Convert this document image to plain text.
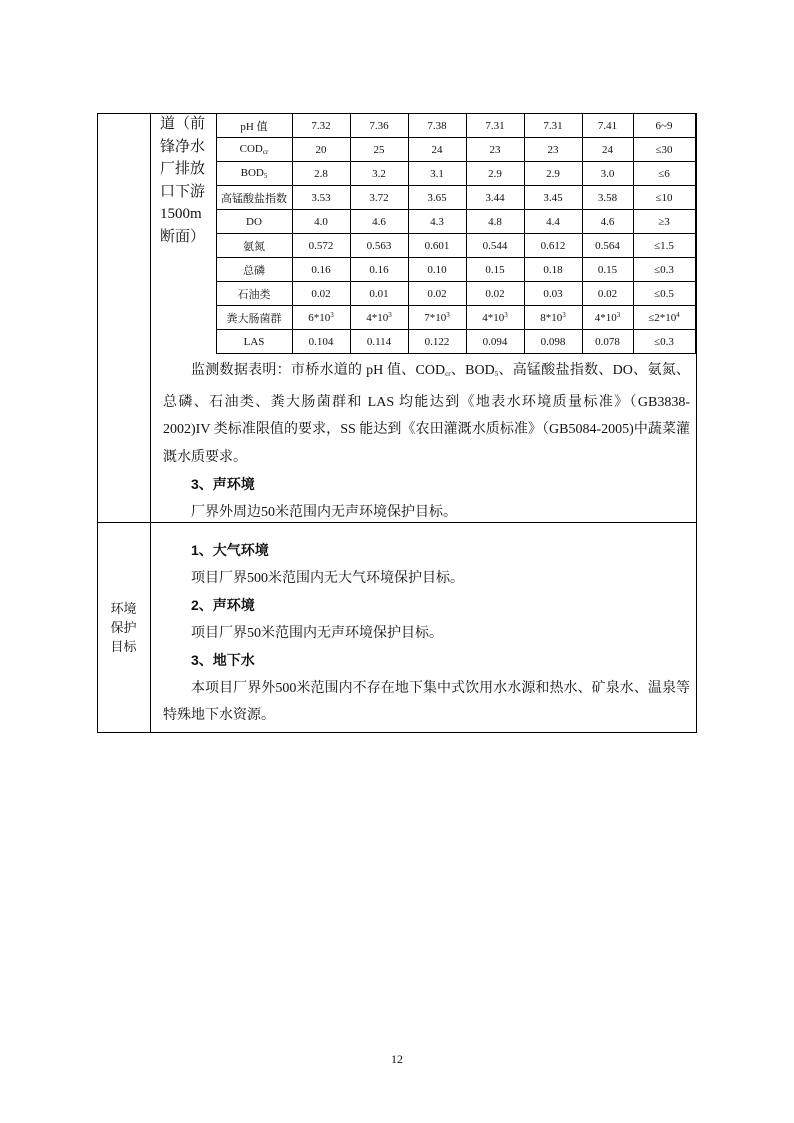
道（前
锋净水
厂排放
口下游
1500m
断面）
	pH 值	7.32	7.36	7.38	7.31	7.31	7.41	6~9
	$COD_{cr}$	20	25	24	23	23	24	≤30
	$BOD_5$	2.8	3.2	3.1	2.9	2.9	3.0	≤6
	高锰酸盐指数	3.53	3.72	3.65	3.44	3.45	3.58	≤10
	DO	4.0	4.6	4.3	4.8	4.4	4.6	≥3
	氨氮	0.572	0.563	0.601	0.544	0.612	0.564	≤1.5
	总磷	0.16	0.16	0.10	0.15	0.18	0.15	≤0.3
	石油类	0.02	0.01	0.02	0.02	0.03	0.02	≤0.5
	粪大肠菌群	$6*10^3$	$4*10^3$	$7*10^3$	$4*10^3$	$8*10^3$	$4*10^3$	$\le 2*10^4$
	LAS	0.104	0.114	0.122	0.094	0.098	0.078	≤0.3

监测数据表明：市桥水道的 pH 值、$COD_{cr}$、$BOD_5$、高锰酸盐指数、DO、氨氮、总磷、石油类、粪大肠菌群和 LAS 均能达到《地表水环境质量标准》（GB3838-2002)IV 类标准限值的要求，SS 能达到《农田灌溉水质标准》（GB5084-2005)中蔬菜灌溉水质要求。

3、声环境

厂界外周边50米范围内无声环境保护目标。

环境
保护
目标

1、大气环境

项目厂界500米范围内无大气环境保护目标。

2、声环境

项目厂界50米范围内无声环境保护目标。

3、地下水

本项目厂界外500米范围内不存在地下集中式饮用水水源和热水、矿泉水、温泉等特殊地下水资源。

12
